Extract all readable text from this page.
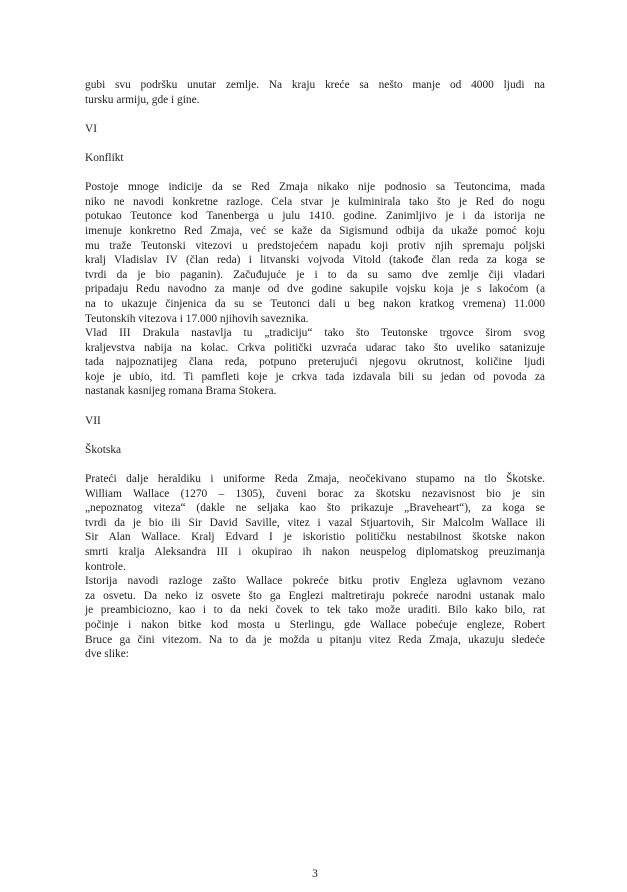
gubi svu podršku unutar zemlje. Na kraju kreće sa nešto manje od 4000 ljudi na
tursku armiju, gde i gine.
VI
Konflikt
Postoje mnoge indicije da se Red Zmaja nikako nije podnosio sa Teutoncima, mada
niko ne navodi konkretne razloge. Cela stvar je kulminirala tako što je Red do nogu
potukao Teutonce kod Tanenberga u julu 1410. godine. Zanimljivo je i da istorija ne
imenuje konkretno Red Zmaja, već se kaže da Sigismund odbija da ukaže pomoć koju
mu traže Teutonski vitezovi u predstojećem napadu koji protiv njih spremaju poljski
kralj Vladislav IV (član reda) i litvanski vojvoda Vitold (takođe član reda za koga se
tvrdi da je bio paganin). Začuđujuće je i to da su samo dve zemlje čiji vladari
pripadaju Redu navodno za manje od dve godine sakupile vojsku koja je s lakoćom (a
na to ukazuje činjenica da su se Teutonci dali u beg nakon kratkog vremena) 11.000
Teutonskih vitezova i 17.000 njihovih saveznika.
Vlad III Drakula nastavlja tu „tradiciju“ tako što Teutonske trgovce širom svog
kraljevstva nabija na kolac. Crkva politički uzvraća udarac tako što uveliko satanizuje
tada najpoznatijeg člana reda, potpuno preterujući njegovu okrutnost, količine ljudi
koje je ubio, itd. Ti pamfleti koje je crkva tada izdavala bili su jedan od povoda za
nastanak kasnijeg romana Brama Stokera.
VII
Škotska
Prateći dalje heraldiku i uniforme Reda Zmaja, neočekivano stupamo na tlo Škotske.
William Wallace (1270 – 1305), čuveni borac za škotsku nezavisnost bio je sin
„nepoznatog viteza“ (dakle ne seljaka kao što prikazuje „Braveheart“), za koga se
tvrdi da je bio ili Sir David Saville, vitez i vazal Stjuartovih, Sir Malcolm Wallace ili
Sir Alan Wallace. Kralj Edvard I je iskoristio političku nestabilnost škotske nakon
smrti kralja Aleksandra III i okupirao ih nakon neuspelog diplomatskog preuzimanja
kontrole.
Istorija navodi razloge zašto Wallace pokreće bitku protiv Engleza uglavnom vezano
za osvetu. Da neko iz osvete što ga Englezi maltretiraju pokreće narodni ustanak malo
je preambiciozno, kao i to da neki čovek to tek tako može uraditi. Bilo kako bilo, rat
počinje i nakon bitke kod mosta u Sterlingu, gde Wallace pobećuje engleze, Robert
Bruce ga čini vitezom. Na to da je možda u pitanju vitez Reda Zmaja, ukazuju sledeće
dve slike:
3
